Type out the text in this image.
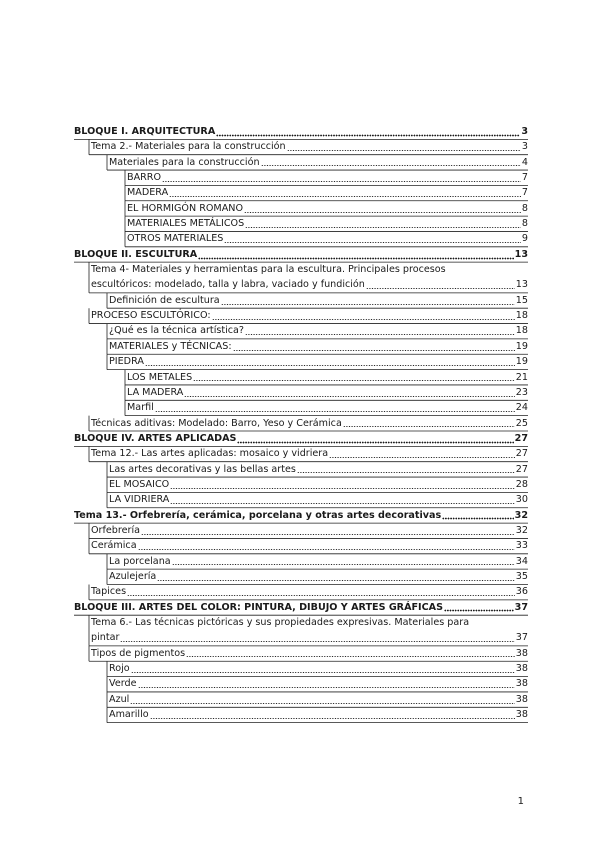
BLOQUE I. ARQUITECTURA	3
Tema 2.- Materiales para la construcción	3
Materiales para la construcción	4
BARRO	7
MADERA	7
EL HORMIGÓN ROMANO	8
MATERIALES METÁLICOS	8
OTROS MATERIALES	9
BLOQUE II. ESCULTURA	13
Tema 4- Materiales y herramientas para la escultura. Principales procesos
escultóricos: modelado, talla y labra, vaciado y fundición	13
Definición de escultura	15
PROCESO ESCULTÓRICO:	18
¿Qué es la técnica artística?	18
MATERIALES y TÉCNICAS:	19
PIEDRA	19
LOS METALES	21
LA MADERA	23
Marfil	24
Técnicas aditivas: Modelado: Barro, Yeso y Cerámica	25
BLOQUE IV. ARTES APLICADAS	27
Tema 12.- Las artes aplicadas: mosaico y vidriera	27
Las artes decorativas y las bellas artes	27
EL MOSAICO	28
LA VIDRIERA	30
Tema 13.- Orfebrería, cerámica, porcelana y otras artes decorativas	32
Orfebrería	32
Cerámica	33
La porcelana	34
Azulejería	35
Tapices	36
BLOQUE III. ARTES DEL COLOR: PINTURA, DIBUJO Y ARTES GRÁFICAS	37
Tema 6.- Las técnicas pictóricas y sus propiedades expresivas. Materiales para
pintar	37
Tipos de pigmentos	38
Rojo	38
Verde	38
Azul	38
Amarillo	38
1
